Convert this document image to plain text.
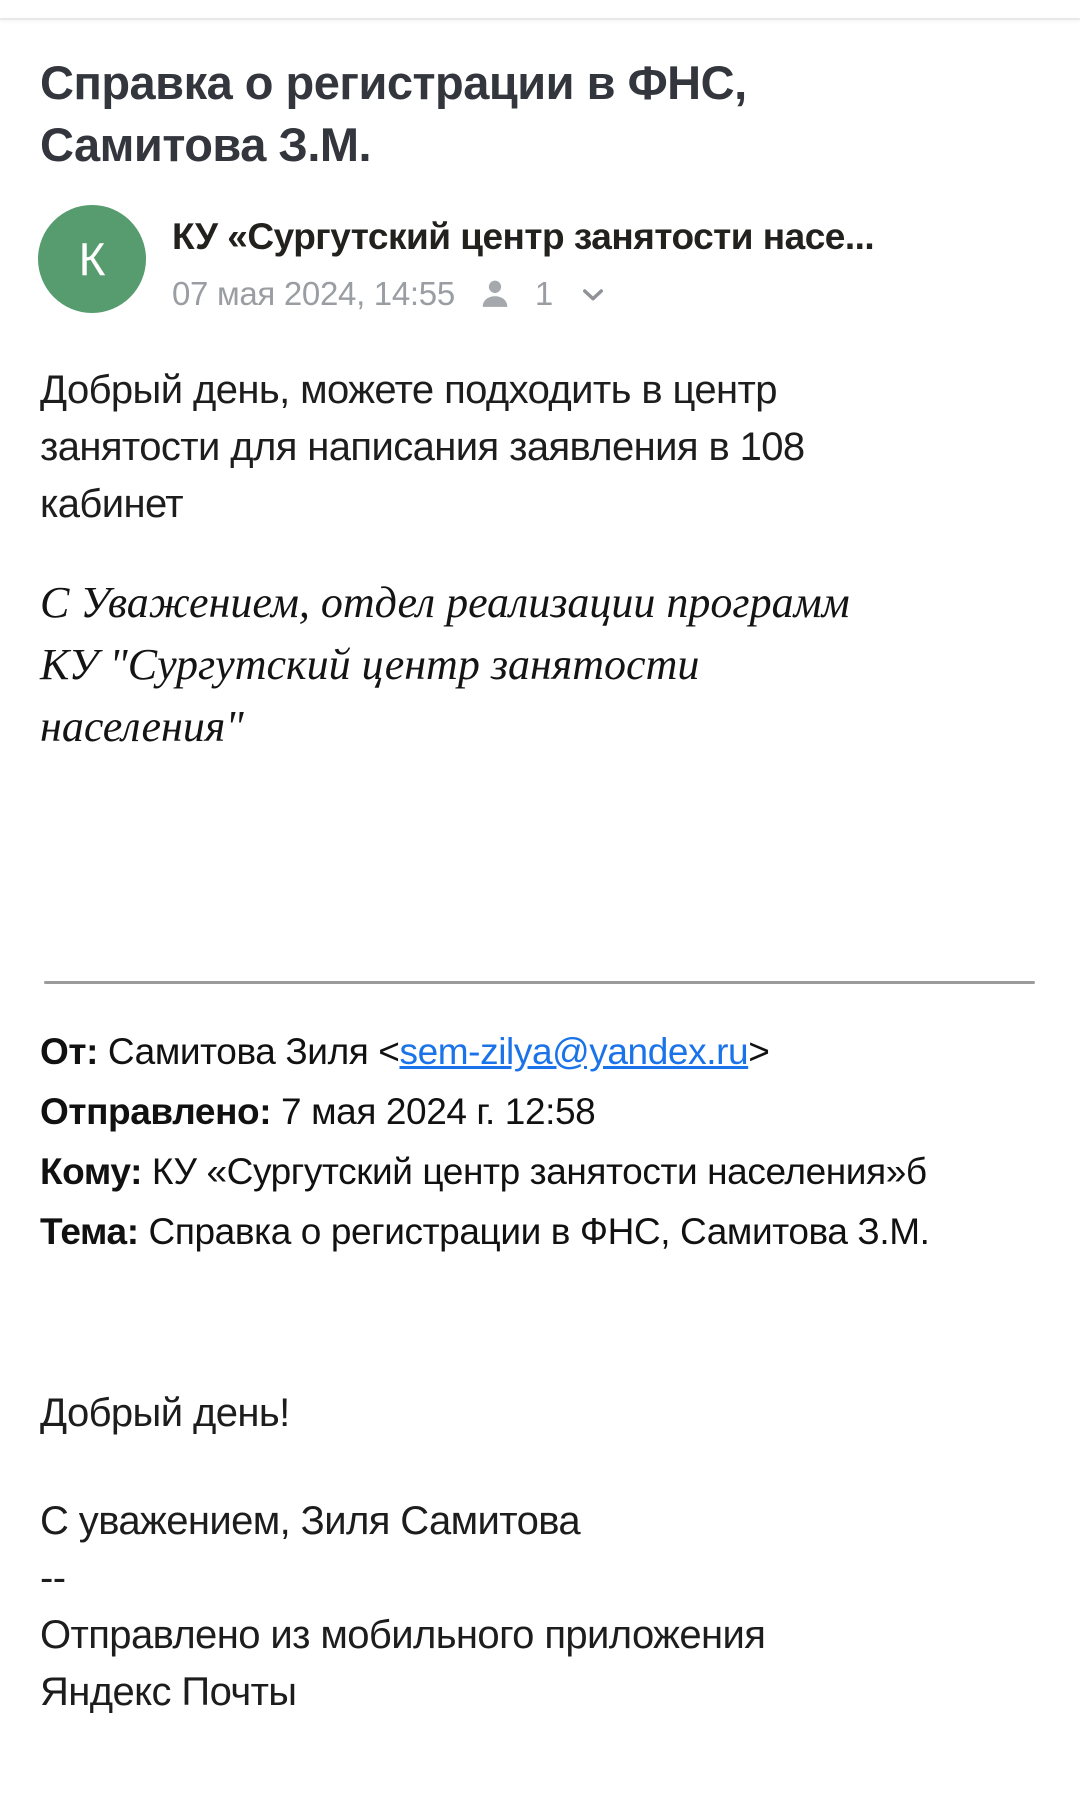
Справка о регистрации в ФНС,
Самитова З.М.
К	КУ «Сургутский центр занятости насе...
07 мая 2024, 14:55 1
Добрый день, можете подходить в центр
занятости для написания заявления в 108
кабинет
С Уважением, отдел реализации программ
КУ "Сургутский центр занятости
населения"
От: Самитова Зиля <sem-zilya@yandex.ru>
Отправлено: 7 мая 2024 г. 12:58
Кому: КУ «Сургутский центр занятости населения»б
Тема: Справка о регистрации в ФНС, Самитова З.М.
Добрый день!
С уважением, Зиля Самитова
--
Отправлено из мобильного приложения
Яндекс Почты
